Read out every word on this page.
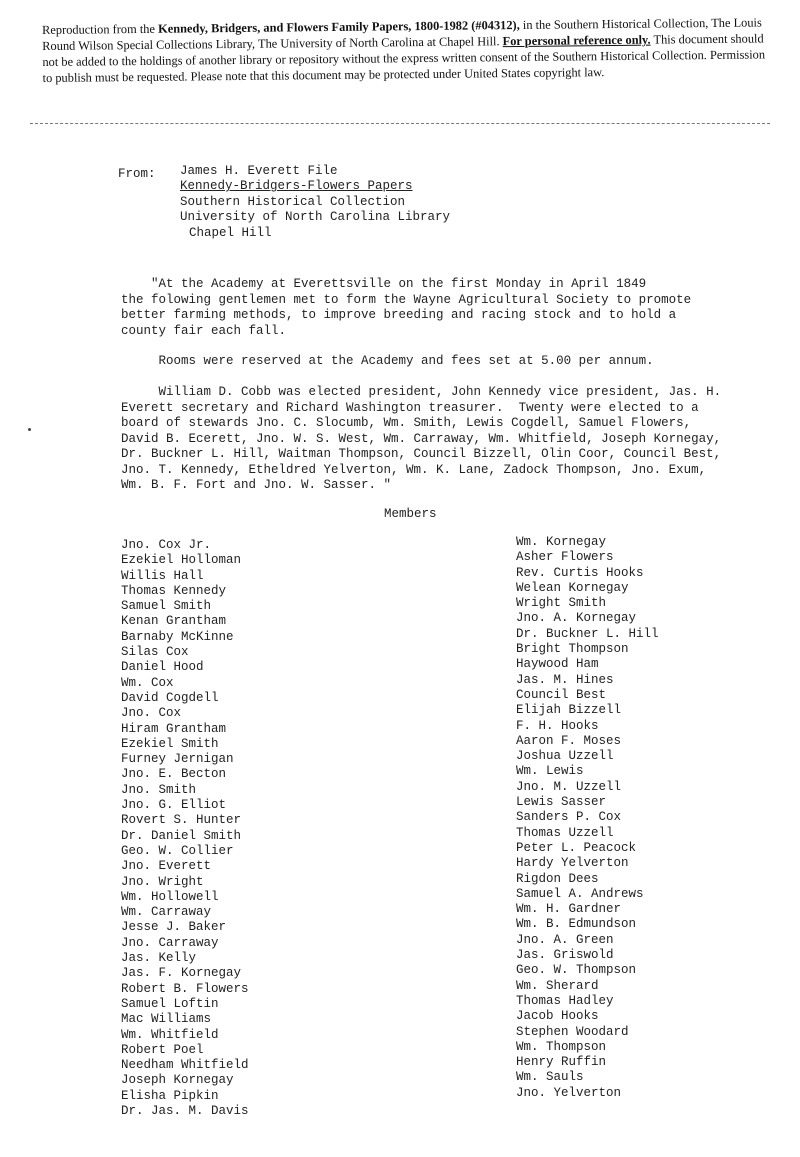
Reproduction from the Kennedy, Bridgers, and Flowers Family Papers, 1800-1982 (#04312), in the Southern Historical Collection, The Louis Round Wilson Special Collections Library, The University of North Carolina at Chapel Hill. For personal reference only. This document should not be added to the holdings of another library or repository without the express written consent of the Southern Historical Collection. Permission to publish must be requested. Please note that this document may be protected under United States copyright law.
From: James H. Everett File
Kennedy-Bridgers-Flowers Papers
Southern Historical Collection
University of North Carolina Library
Chapel Hill
"At the Academy at Everettsville on the first Monday in April 1849
the folowing gentlemen met to form the Wayne Agricultural Society to promote
better farming methods, to improve breeding and racing stock and to hold a
county fair each fall.
Rooms were reserved at the Academy and fees set at 5.00 per annum.
William D. Cobb was elected president, John Kennedy vice president, Jas. H.
Everett secretary and Richard Washington treasurer.  Twenty were elected to a
board of stewards Jno. C. Slocumb, Wm. Smith, Lewis Cogdell, Samuel Flowers,
David B. Ecerett, Jno. W. S. West, Wm. Carraway, Wm. Whitfield, Joseph Kornegay,
Dr. Buckner L. Hill, Waitman Thompson, Council Bizzell, Olin Coor, Council Best,
Jno. T. Kennedy, Etheldred Yelverton, Wm. K. Lane, Zadock Thompson, Jno. Exum,
Wm. B. F. Fort and Jno. W. Sasser. "
Members
Jno. Cox Jr.
Ezekiel Holloman
Willis Hall
Thomas Kennedy
Samuel Smith
Kenan Grantham
Barnaby McKinne
Silas Cox
Daniel Hood
Wm. Cox
David Cogdell
Jno. Cox
Hiram Grantham
Ezekiel Smith
Furney Jernigan
Jno. E. Becton
Jno. Smith
Jno. G. Elliot
Rovert S. Hunter
Dr. Daniel Smith
Geo. W. Collier
Jno. Everett
Jno. Wright
Wm. Hollowell
Wm. Carraway
Jesse J. Baker
Jno. Carraway
Jas. Kelly
Jas. F. Kornegay
Robert B. Flowers
Samuel Loftin
Mac Williams
Wm. Whitfield
Robert Poel
Needham Whitfield
Joseph Kornegay
Elisha Pipkin
Dr. Jas. M. Davis
Wm. Kornegay
Asher Flowers
Rev. Curtis Hooks
Welean Kornegay
Wright Smith
Jno. A. Kornegay
Dr. Buckner L. Hill
Bright Thompson
Haywood Ham
Jas. M. Hines
Council Best
Elijah Bizzell
F. H. Hooks
Aaron F. Moses
Joshua Uzzell
Wm. Lewis
Jno. M. Uzzell
Lewis Sasser
Sanders P. Cox
Thomas Uzzell
Peter L. Peacock
Hardy Yelverton
Rigdon Dees
Samuel A. Andrews
Wm. H. Gardner
Wm. B. Edmundson
Jno. A. Green
Jas. Griswold
Geo. W. Thompson
Wm. Sherard
Thomas Hadley
Jacob Hooks
Stephen Woodard
Wm. Thompson
Henry Ruffin
Wm. Sauls
Jno. Yelverton
